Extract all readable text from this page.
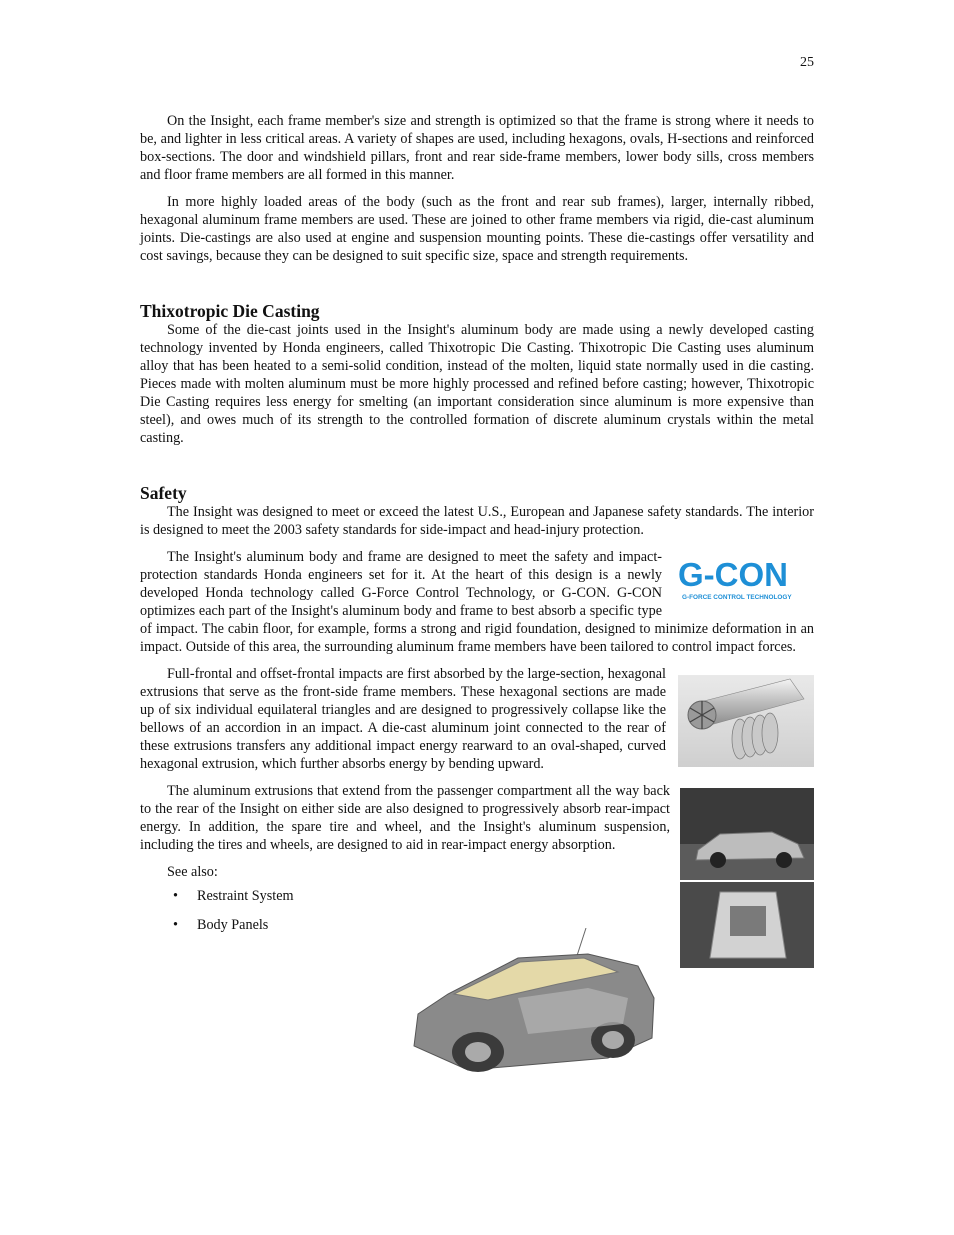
25

On the Insight, each frame member's size and strength is optimized so that the frame is strong where it needs to be, and lighter in less critical areas. A variety of shapes are used, including hexagons, ovals, H-sections and reinforced box-sections. The door and windshield pillars, front and rear side-frame members, lower body sills, cross members and floor frame members are all formed in this manner.

In more highly loaded areas of the body (such as the front and rear sub frames), larger, internally ribbed, hexagonal aluminum frame members are used. These are joined to other frame members via rigid, die-cast aluminum joints. Die-castings are also used at engine and suspension mounting points. These die-castings offer versatility and cost savings, because they can be designed to suit specific size, space and strength requirements.

Thixotropic Die Casting

Some of the die-cast joints used in the Insight's aluminum body are made using a newly developed casting technology invented by Honda engineers, called Thixotropic Die Casting. Thixotropic Die Casting uses aluminum alloy that has been heated to a semi-solid condition, instead of the molten, liquid state normally used in die casting. Pieces made with molten aluminum must be more highly processed and refined before casting; however, Thixotropic Die Casting requires less energy for smelting (an important consideration since aluminum is more expensive than steel), and owes much of its strength to the controlled formation of discrete aluminum crystals within the metal casting.

Safety

The Insight was designed to meet or exceed the latest U.S., European and Japanese safety standards. The interior is designed to meet the 2003 safety standards for side-impact and head-injury protection.

G-CON
G-FORCE CONTROL TECHNOLOGY

The Insight's aluminum body and frame are designed to meet the safety and impact-protection standards Honda engineers set for it. At the heart of this design is a newly developed Honda technology called G-Force Control Technology, or G-CON. G-CON optimizes each part of the Insight's aluminum body and frame to best absorb a specific type of impact. The cabin floor, for example, forms a strong and rigid foundation, designed to minimize deformation in an impact. Outside of this area, the surrounding aluminum frame members have been tailored to control impact forces.

Full-frontal and offset-frontal impacts are first absorbed by the large-section, hexagonal extrusions that serve as the front-side frame members. These hexagonal sections are made up of six individual equilateral triangles and are designed to progressively collapse like the bellows of an accordion in an impact. A die-cast aluminum joint connected to the rear of these extrusions transfers any additional impact energy rearward to an oval-shaped, curved hexagonal extrusion, which further absorbs energy by bending upward.

The aluminum extrusions that extend from the passenger compartment all the way back to the rear of the Insight on either side are also designed to progressively absorb rear-impact energy. In addition, the spare tire and wheel, and the Insight's aluminum suspension, including the tires and wheels, are designed to aid in rear-impact energy absorption.

See also:

• Restraint System
• Body Panels
